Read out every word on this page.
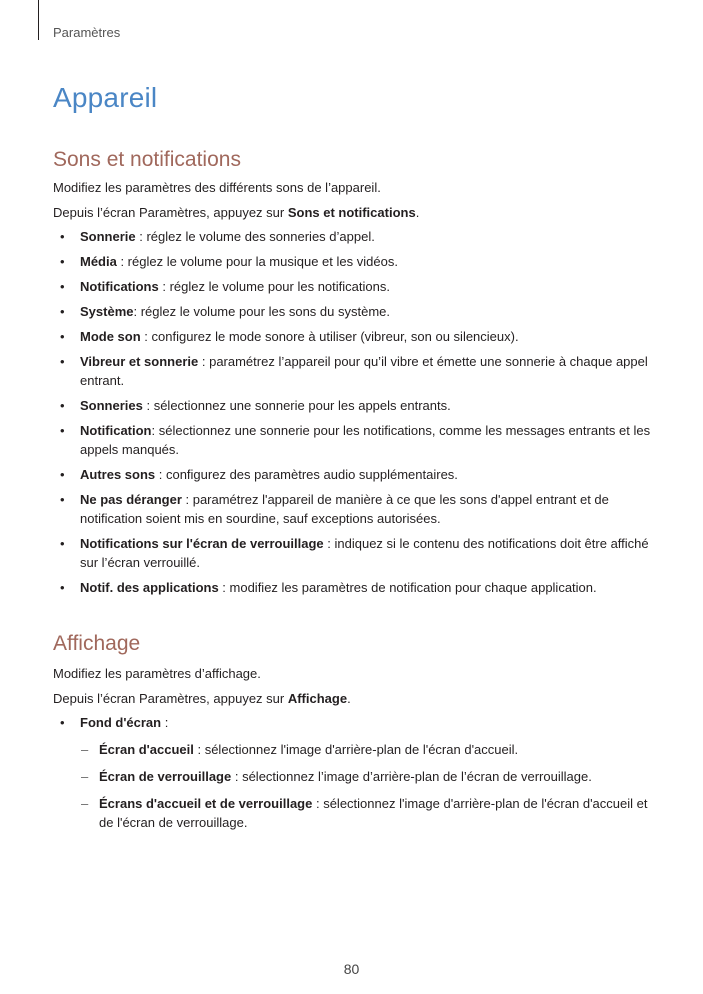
Paramètres
Appareil
Sons et notifications

Modifiez les paramètres des différents sons de l’appareil.

Depuis l’écran Paramètres, appuyez sur Sons et notifications.

• Sonnerie : réglez le volume des sonneries d’appel.
• Média : réglez le volume pour la musique et les vidéos.
• Notifications : réglez le volume pour les notifications.
• Système: réglez le volume pour les sons du système.
• Mode son : configurez le mode sonore à utiliser (vibreur, son ou silencieux).
• Vibreur et sonnerie : paramétrez l’appareil pour qu’il vibre et émette une sonnerie à chaque appel entrant.
• Sonneries : sélectionnez une sonnerie pour les appels entrants.
• Notification: sélectionnez une sonnerie pour les notifications, comme les messages entrants et les appels manqués.
• Autres sons : configurez des paramètres audio supplémentaires.
• Ne pas déranger : paramétrez l'appareil de manière à ce que les sons d'appel entrant et de notification soient mis en sourdine, sauf exceptions autorisées.
• Notifications sur l'écran de verrouillage : indiquez si le contenu des notifications doit être affiché sur l’écran verrouillé.
• Notif. des applications : modifiez les paramètres de notification pour chaque application.
Affichage

Modifiez les paramètres d’affichage.

Depuis l’écran Paramètres, appuyez sur Affichage.

• Fond d'écran :
– Écran d'accueil : sélectionnez l'image d'arrière-plan de l'écran d'accueil.
– Écran de verrouillage : sélectionnez l’image d’arrière-plan de l’écran de verrouillage.
– Écrans d'accueil et de verrouillage : sélectionnez l'image d'arrière-plan de l'écran d'accueil et de l'écran de verrouillage.
80
